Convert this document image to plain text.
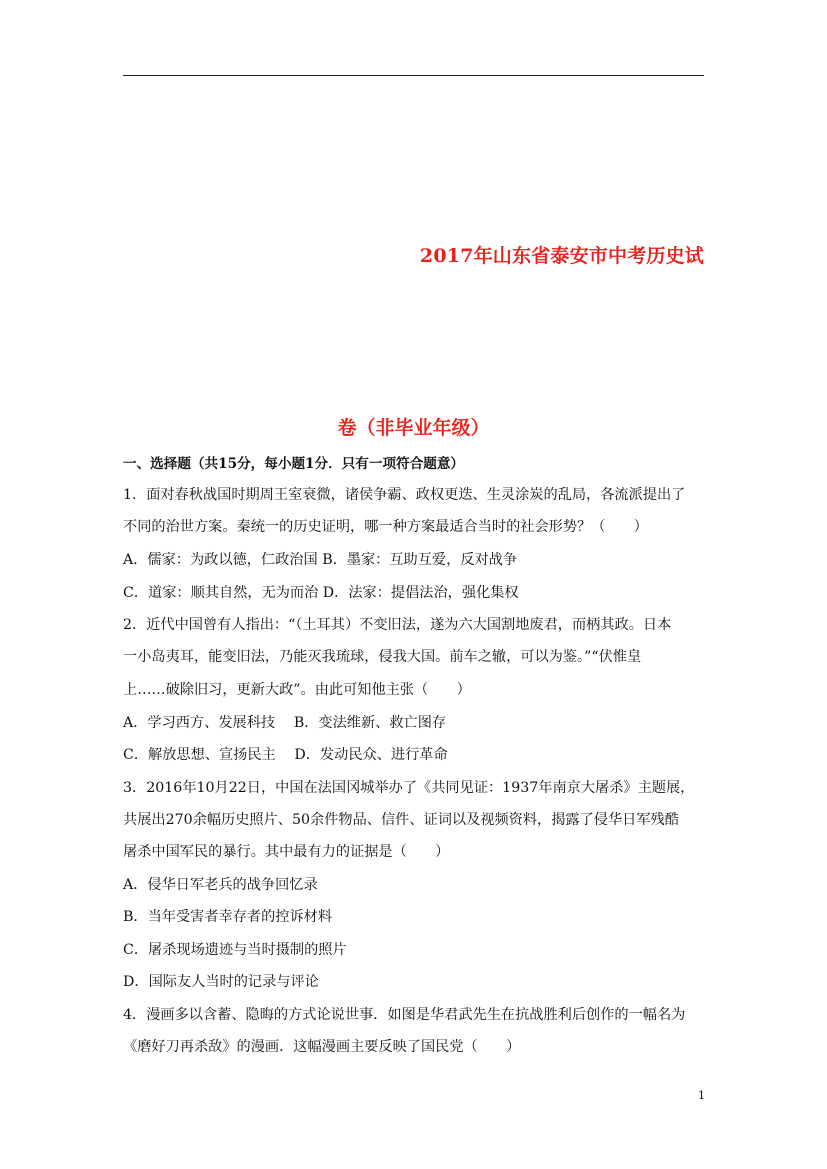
2017年山东省泰安市中考历史试
卷（非毕业年级）
一、选择题（共15分，每小题1分．只有一项符合题意）
1．面对春秋战国时期周王室衰微，诸侯争霸、政权更迭、生灵涂炭的乱局，各流派提出了
不同的治世方案。秦统一的历史证明，哪一种方案最适合当时的社会形势？（　　）
A．儒家：为政以德，仁政治国 B．墨家：互助互爱，反对战争
C．道家：顺其自然，无为而治 D．法家：提倡法治，强化集权
2．近代中国曾有人指出：“（土耳其）不变旧法，遂为六大国割地废君，而柄其政。日本
一小岛夷耳，能变旧法，乃能灭我琉球，侵我大国。前车之辙，可以为鉴。”“伏惟皇
上……破除旧习，更新大政”。由此可知他主张（　　）
A．学习西方、发展科技　 B．变法维新、救亡图存
C．解放思想、宣扬民主　 D．发动民众、进行革命
3．2016年10月22日，中国在法国冈城举办了《共同见证：1937年南京大屠杀》主题展，
共展出270余幅历史照片、50余件物品、信件、证词以及视频资料，揭露了侵华日军残酷
屠杀中国军民的暴行。其中最有力的证据是（　　）
A．侵华日军老兵的战争回忆录
B．当年受害者幸存者的控诉材料
C．屠杀现场遗迹与当时摄制的照片
D．国际友人当时的记录与评论
4．漫画多以含蓄、隐晦的方式论说世事．如图是华君武先生在抗战胜利后创作的一幅名为
《磨好刀再杀敌》的漫画．这幅漫画主要反映了国民党（　　）
1
